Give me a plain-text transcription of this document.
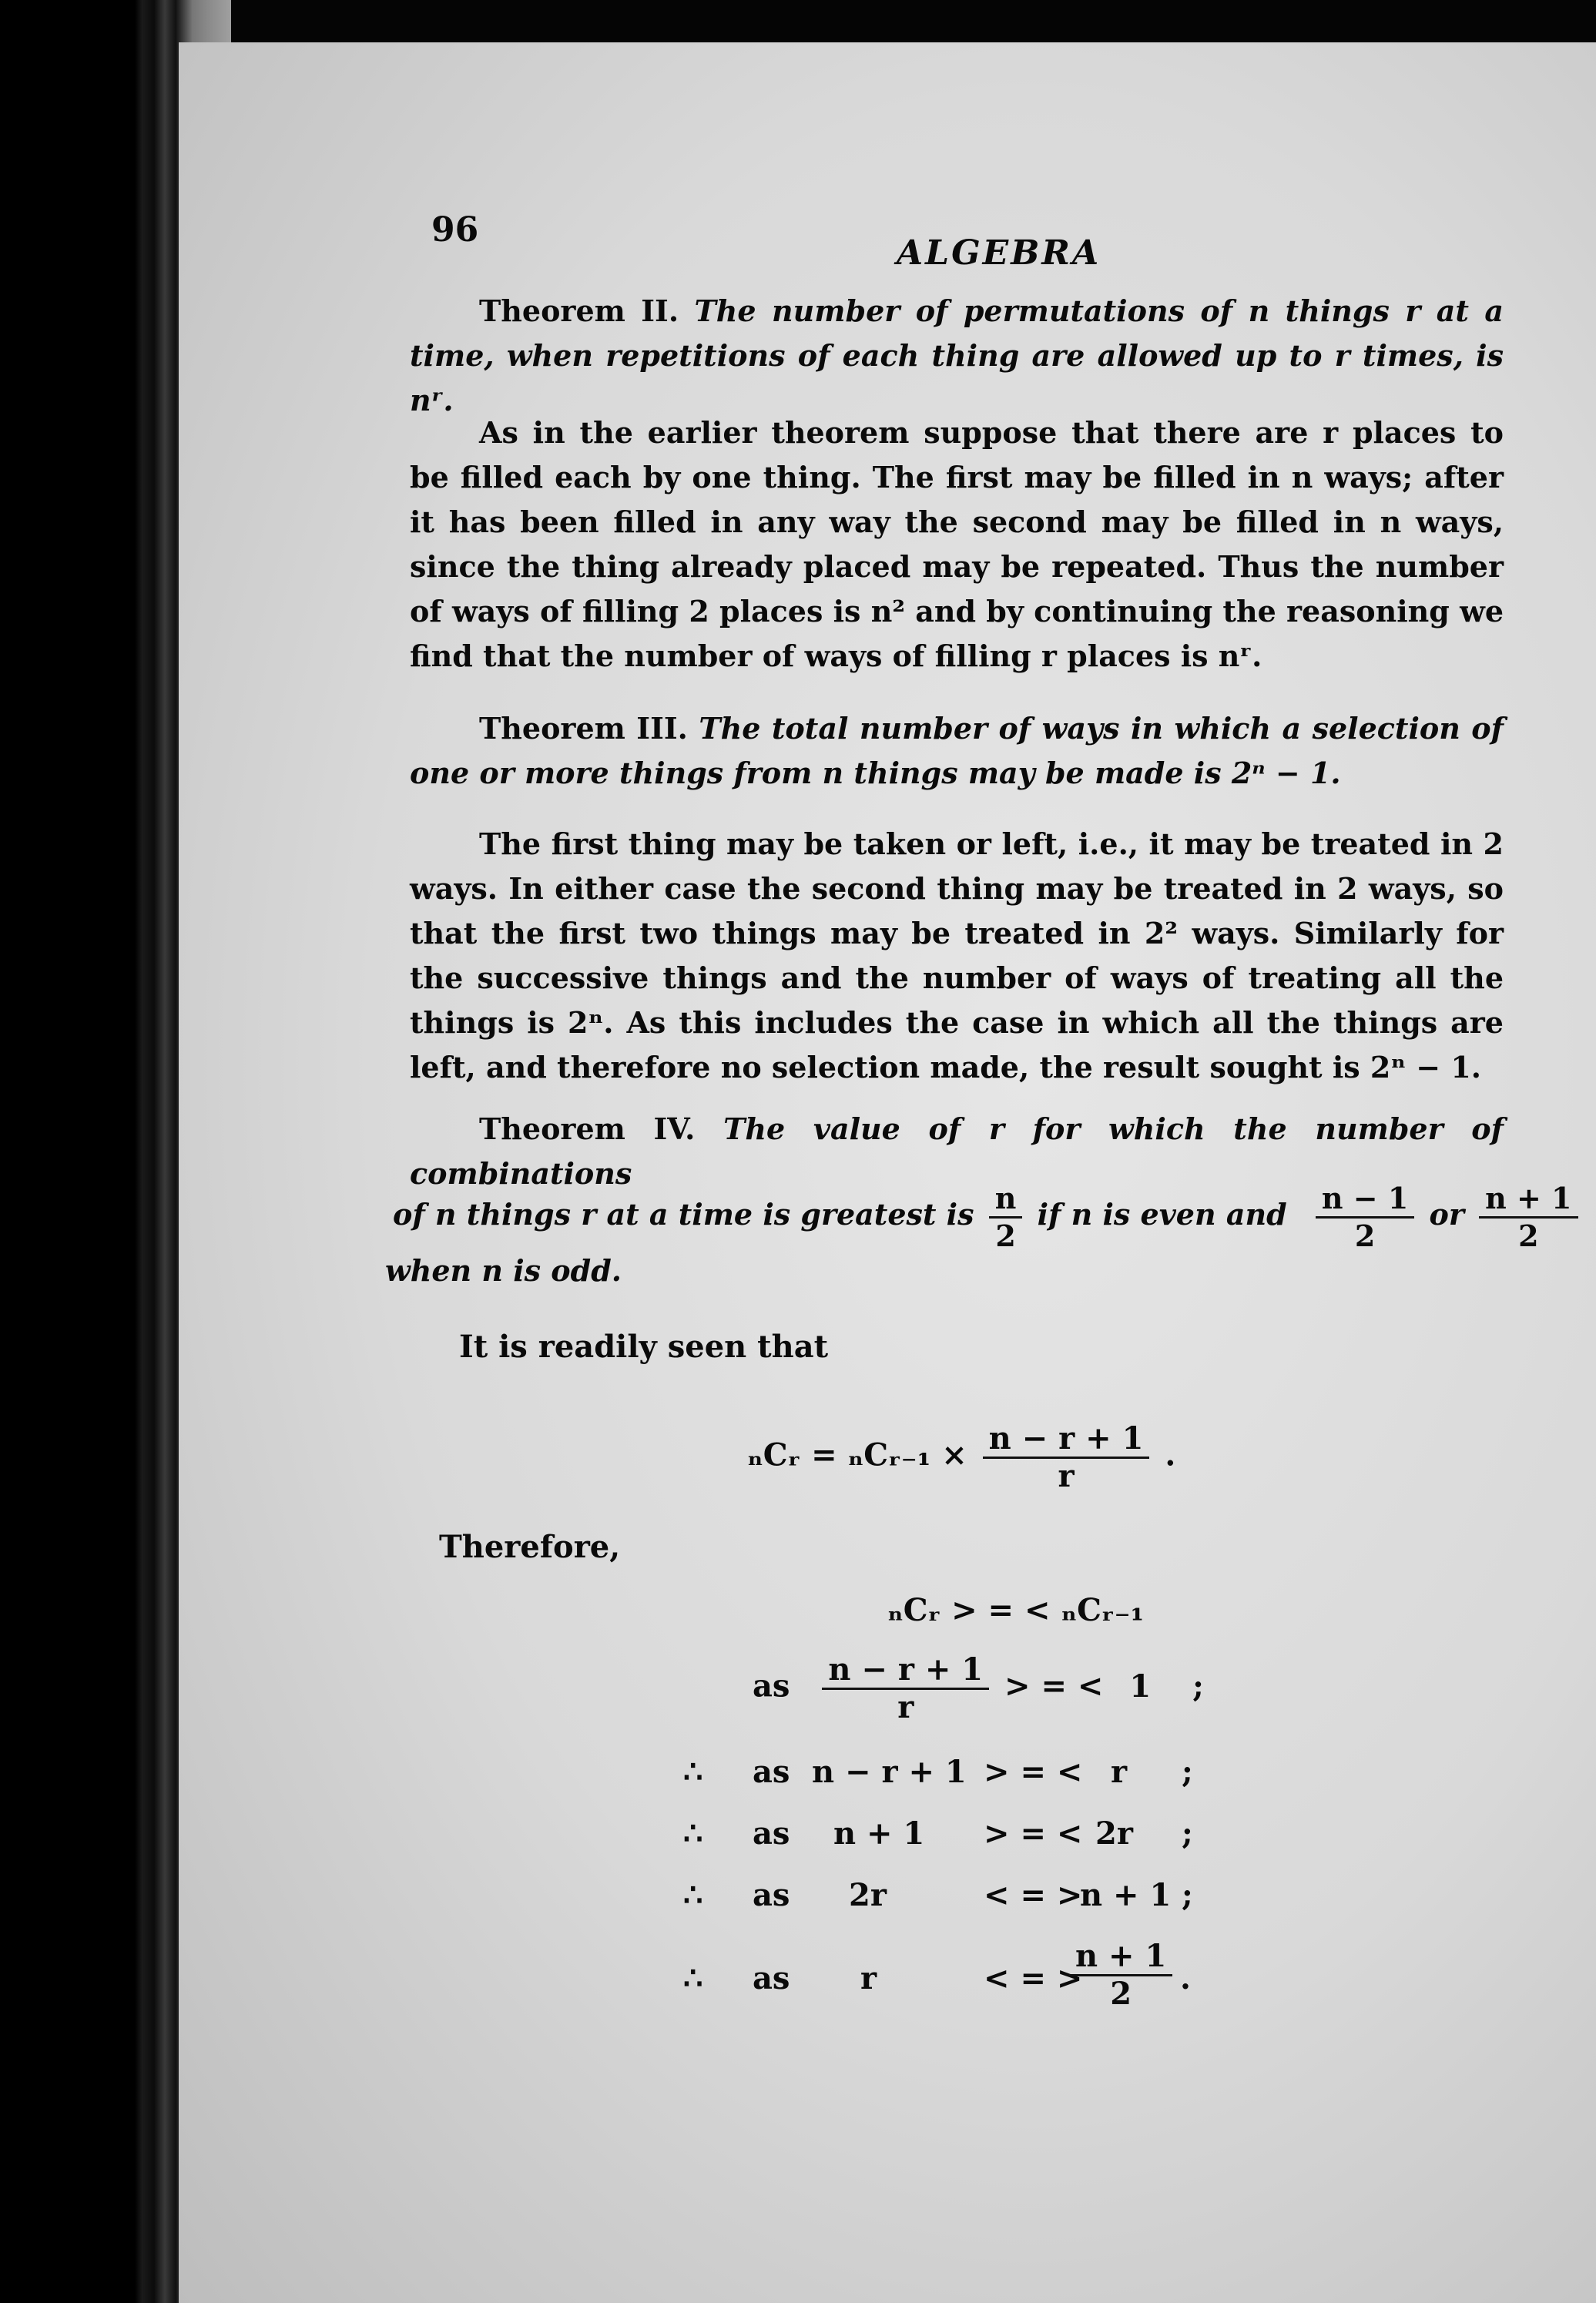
96
ALGEBRA
Theorem II. The number of permutations of n things r at a time, when repetitions of each thing are allowed up to r times, is nʳ.
As in the earlier theorem suppose that there are r places to be filled each by one thing. The first may be filled in n ways; after it has been filled in any way the second may be filled in n ways, since the thing already placed may be repeated. Thus the number of ways of filling 2 places is n² and by continuing the reasoning we find that the number of ways of filling r places is nʳ.
Theorem III. The total number of ways in which a selection of one or more things from n things may be made is 2ⁿ − 1.
The first thing may be taken or left, i.e., it may be treated in 2 ways. In either case the second thing may be treated in 2 ways, so that the first two things may be treated in 2² ways. Similarly for the successive things and the number of ways of treating all the things is 2ⁿ. As this includes the case in which all the things are left, and therefore no selection made, the result sought is 2ⁿ − 1.
Theorem IV. The value of r for which the number of combinations
of n things r at a time is greatest is $\frac{n}{2}$ if n is even and $\frac{n - 1}{2}$ or $\frac{n + 1}{2}$
when n is odd.
It is readily seen that
ₙCᵣ = ₙCᵣ₋₁ × $\frac{n - r + 1}{r}$ .
Therefore,
ₙCᵣ > = < ₙCᵣ₋₁
as $\frac{n - r + 1}{r}$ > = < 1 ;
∴ as n − r + 1 > = < r ;
∴ as n + 1 > = < 2r ;
∴ as 2r	< = >
n + 1 ;
∴ as r	< = >
$\frac{n + 1}{2}$ .
